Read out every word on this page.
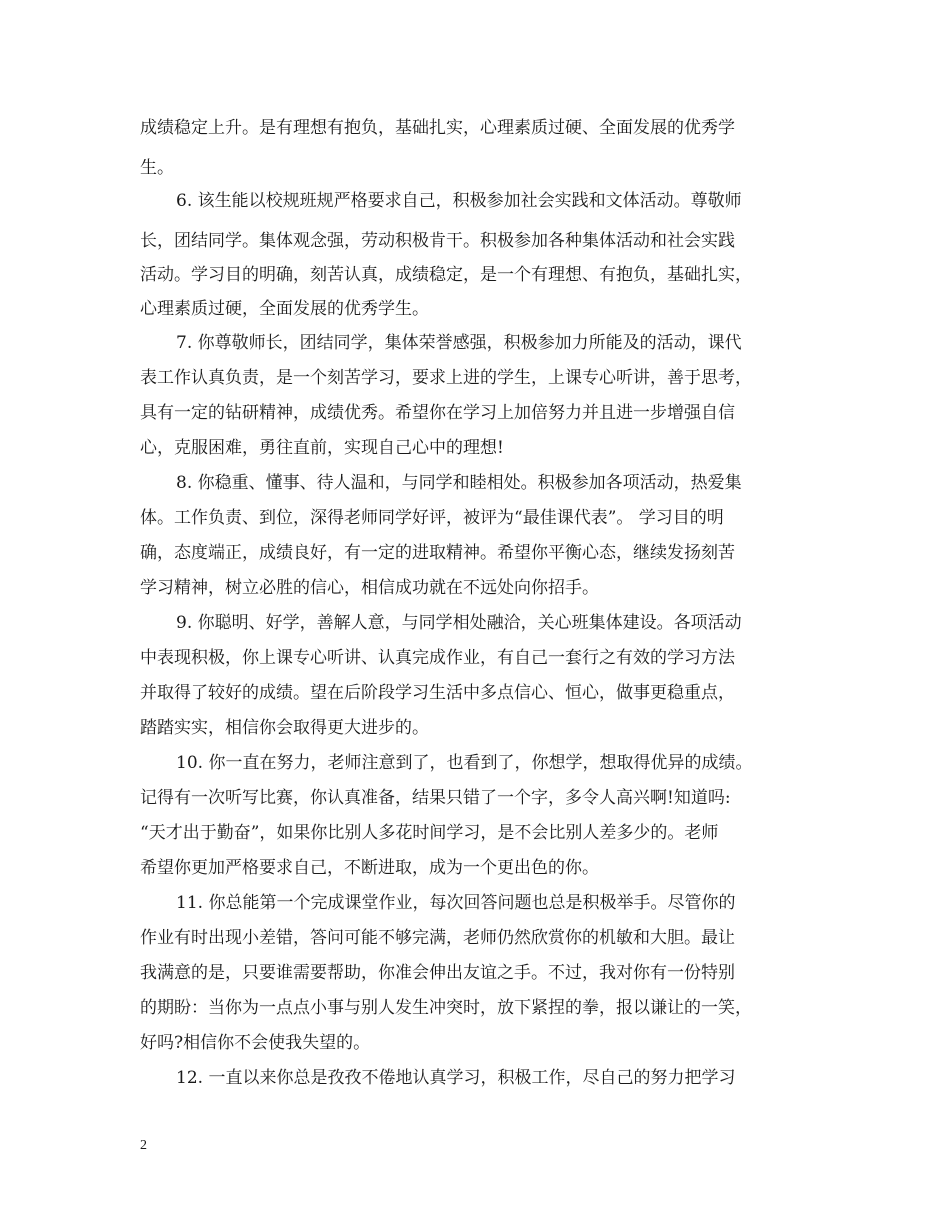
成绩稳定上升。是有理想有抱负，基础扎实，心理素质过硬、全面发展的优秀学
生。
6. 该生能以校规班规严格要求自己，积极参加社会实践和文体活动。尊敬师
长，团结同学。集体观念强，劳动积极肯干。积极参加各种集体活动和社会实践
活动。学习目的明确，刻苦认真，成绩稳定，是一个有理想、有抱负，基础扎实，
心理素质过硬，全面发展的优秀学生。
7. 你尊敬师长，团结同学，集体荣誉感强，积极参加力所能及的活动，课代
表工作认真负责，是一个刻苦学习，要求上进的学生，上课专心听讲，善于思考，
具有一定的钻研精神，成绩优秀。希望你在学习上加倍努力并且进一步增强自信
心，克服困难，勇往直前，实现自己心中的理想!
8. 你稳重、懂事、待人温和，与同学和睦相处。积极参加各项活动，热爱集
体。工作负责、到位，深得老师同学好评，被评为“最佳课代表”。 学习目的明
确，态度端正，成绩良好，有一定的进取精神。希望你平衡心态，继续发扬刻苦
学习精神，树立必胜的信心，相信成功就在不远处向你招手。
9. 你聪明、好学，善解人意，与同学相处融洽，关心班集体建设。各项活动
中表现积极，你上课专心听讲、认真完成作业，有自己一套行之有效的学习方法
并取得了较好的成绩。望在后阶段学习生活中多点信心、恒心，做事更稳重点，
踏踏实实，相信你会取得更大进步的。
10. 你一直在努力，老师注意到了，也看到了，你想学，想取得优异的成绩。
记得有一次听写比赛，你认真准备，结果只错了一个字，多令人高兴啊!知道吗:
“天才出于勤奋”，如果你比别人多花时间学习，是不会比别人差多少的。老师
希望你更加严格要求自己，不断进取，成为一个更出色的你。
11. 你总能第一个完成课堂作业，每次回答问题也总是积极举手。尽管你的
作业有时出现小差错，答问可能不够完满，老师仍然欣赏你的机敏和大胆。最让
我满意的是，只要谁需要帮助，你准会伸出友谊之手。不过，我对你有一份特别
的期盼：当你为一点点小事与别人发生冲突时，放下紧捏的拳，报以谦让的一笑，
好吗?相信你不会使我失望的。
12. 一直以来你总是孜孜不倦地认真学习，积极工作，尽自己的努力把学习
2
